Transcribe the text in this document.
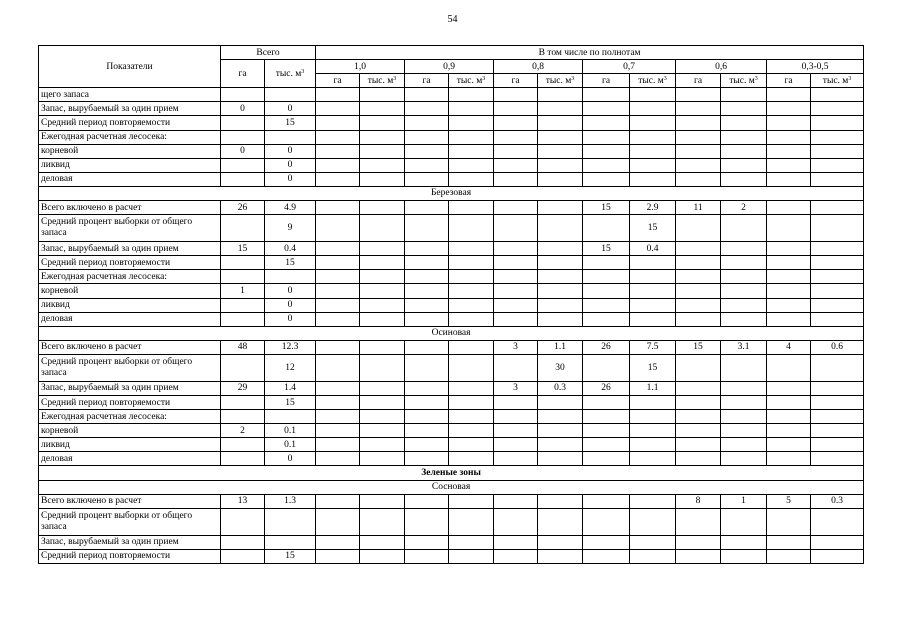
54
Показатели	Всего		В том числе по полнотам											
	га	тыс. $м^3$	1,0		0,9		0,8		0,7		0,6		0,3-0,5	
			га	тыс. $м^3$	га	тыс. $м^3$	га	тыс. $м^3$	га	тыс. $м^3$	га	тыс. $м^3$	га	тыс. $м^3$
щего запаса														
Запас, вырубаемый за один прием	0	0												
Средний период повторяемости		15												
Ежегодная расчетная лесосека:														
корневой	0	0												
ликвид		0												
деловая		0												
Березовая														
Всего включено в расчет	26	4.9							15	2.9	11	2		
Средний процент выборки от общего запаса		9								15				
Запас, вырубаемый за один прием	15	0.4							15	0.4				
Средний период повторяемости		15												
Ежегодная расчетная лесосека:														
корневой	1	0												
ликвид		0												
деловая		0												
Осиновая														
Всего включено в расчет	48	12.3					3	1.1	26	7.5	15	3.1	4	0.6
Средний процент выборки от общего запаса		12						30		15				
Запас, вырубаемый за один прием	29	1.4					3	0.3	26	1.1				
Средний период повторяемости		15												
Ежегодная расчетная лесосека:														
корневой	2	0.1												
ликвид		0.1												
деловая		0												
Зеленые зоны														
Сосновая														
Всего включено в расчет	13	1.3									8	1	5	0.3
Средний процент выборки от общего запаса														
Запас, вырубаемый за один прием														
Средний период повторяемости		15												
